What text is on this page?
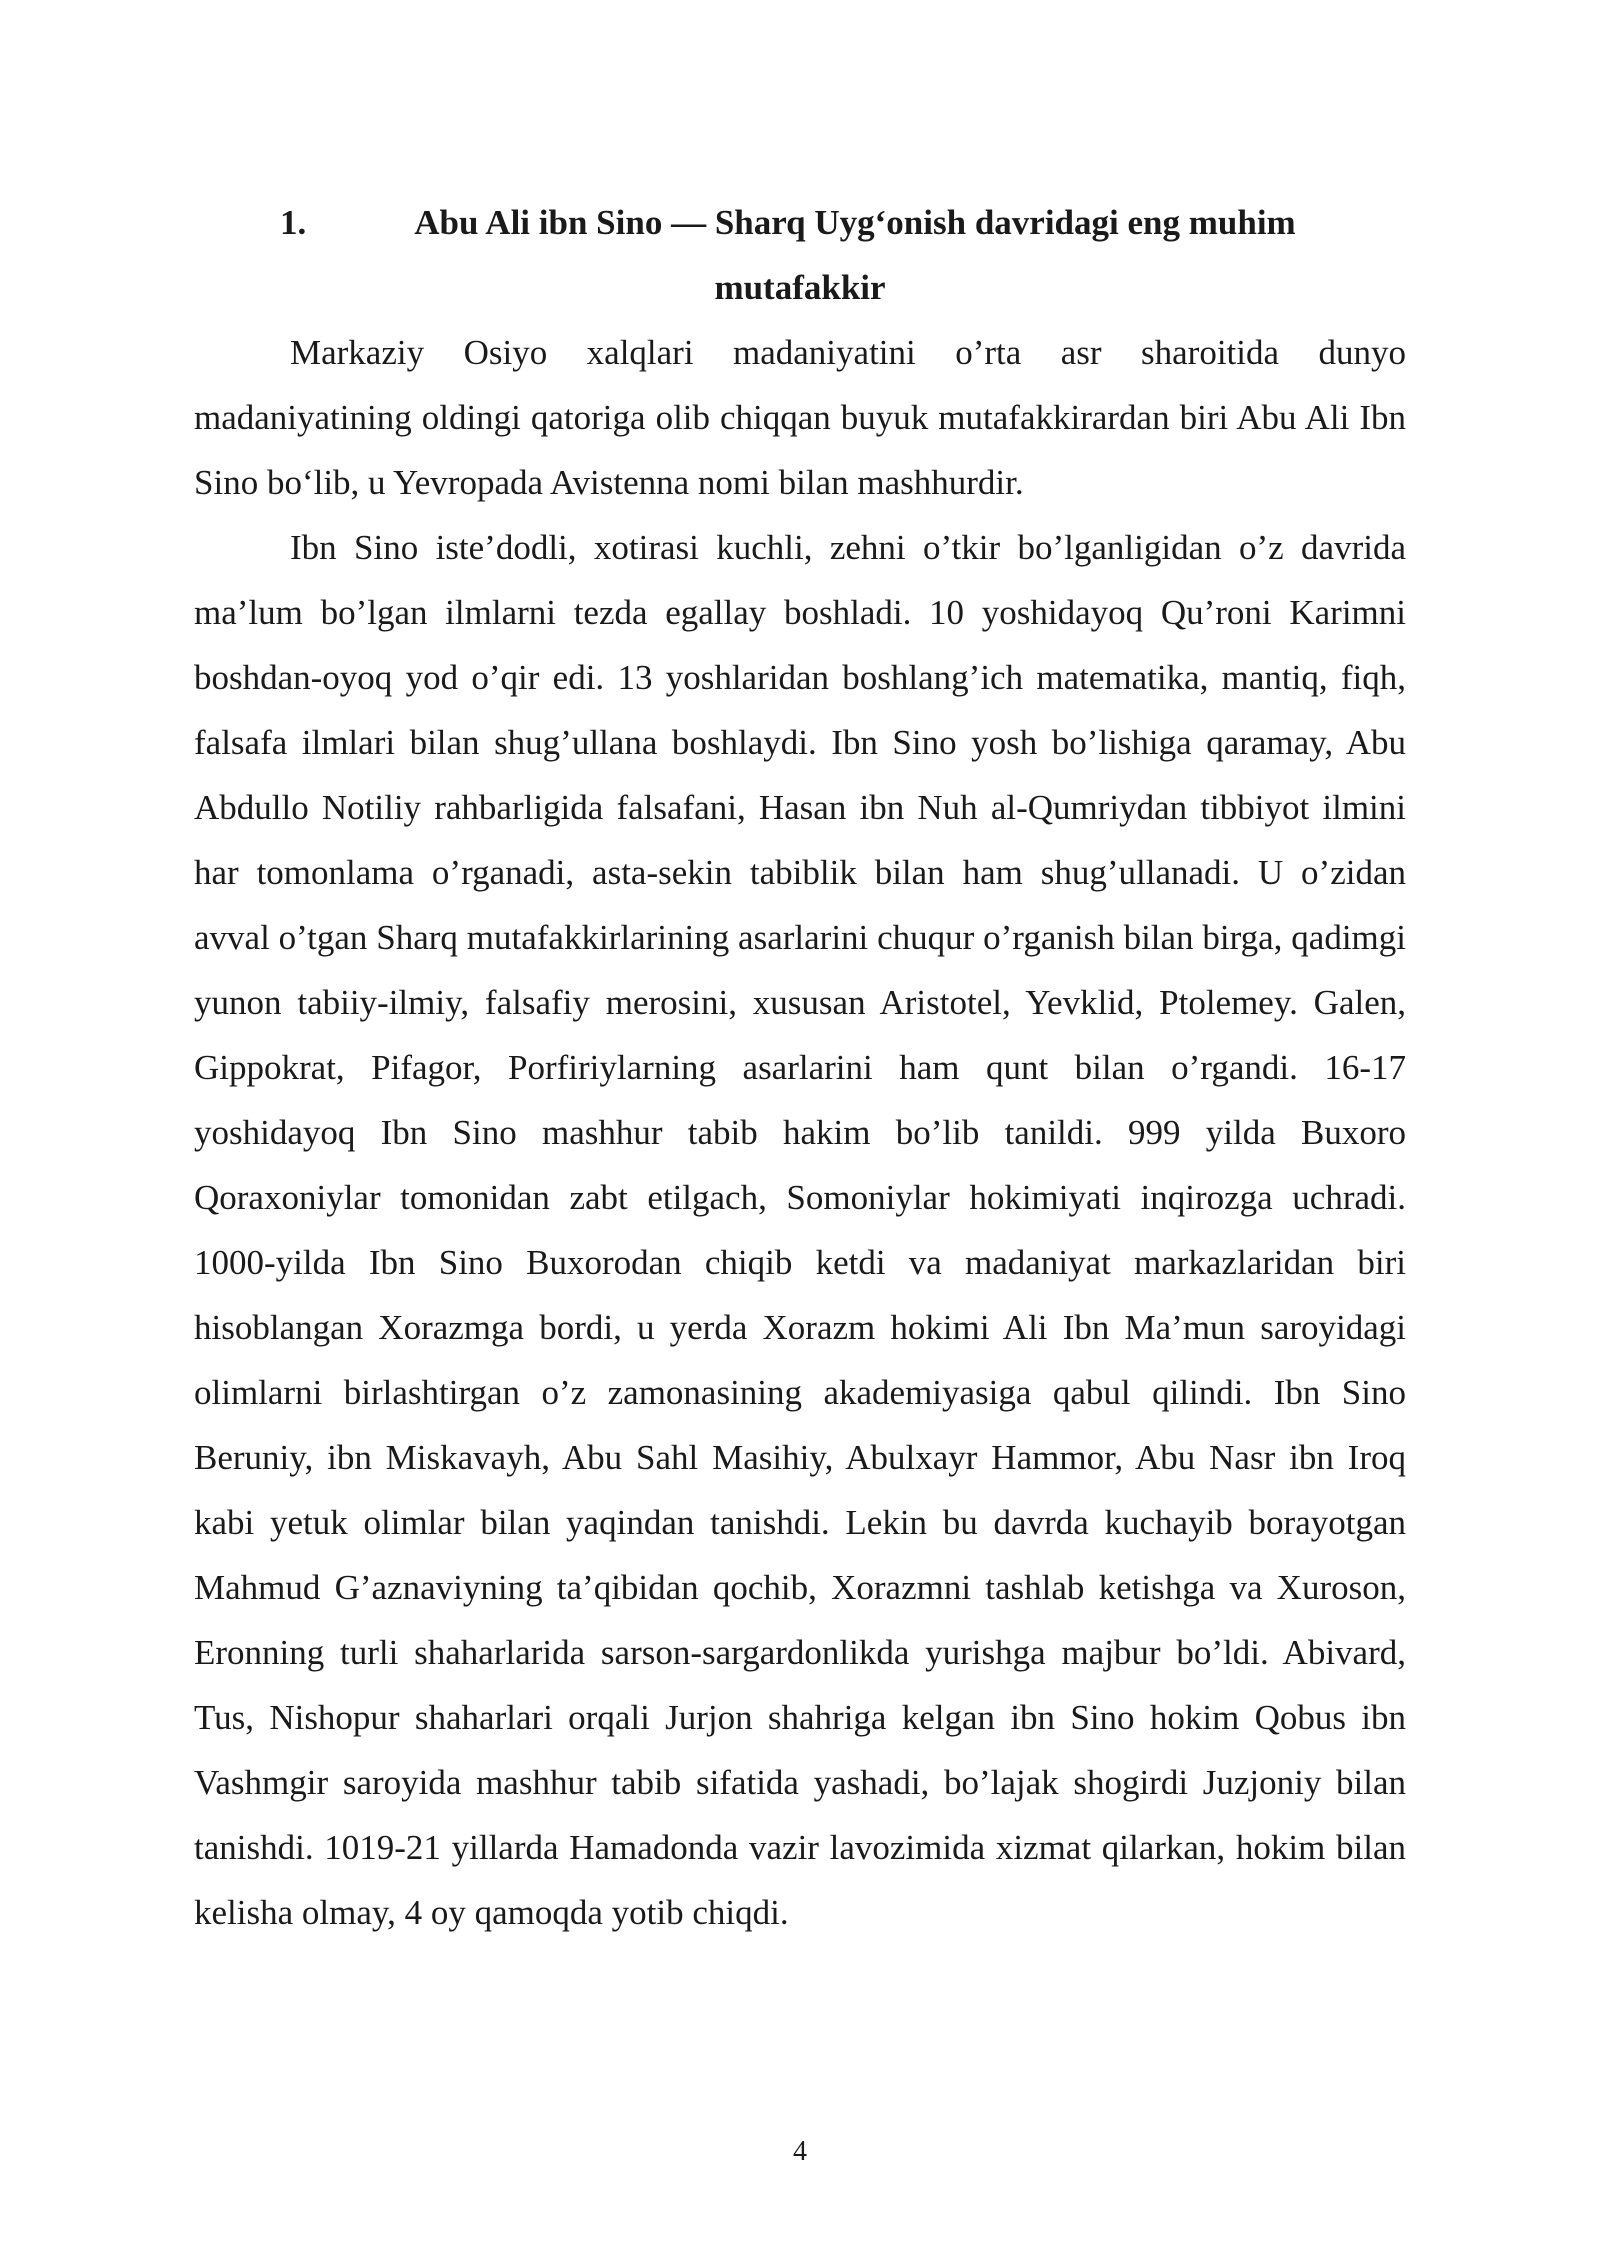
1.	Abu Ali ibn Sino — Sharq Uyg‘onish davridagi eng muhim
mutafakkir

Markaziy Osiyo xalqlari madaniyatini o’rta asr sharoitida dunyo madaniyatining oldingi qatoriga olib chiqqan buyuk mutafakkirardan biri Abu Ali Ibn Sino bo‘lib, u Yevropada Avistenna nomi bilan mashhurdir.

Ibn Sino iste’dodli, xotirasi kuchli, zehni o’tkir bo’lganligidan o’z davrida ma’lum bo’lgan ilmlarni tezda egallay boshladi. 10 yoshidayoq Qu’roni Karimni boshdan-oyoq yod o’qir edi. 13 yoshlaridan boshlang’ich matematika, mantiq, fiqh, falsafa ilmlari bilan shug’ullana boshlaydi. Ibn Sino yosh bo’lishiga qaramay, Abu Abdullo Notiliy rahbarligida falsafani, Hasan ibn Nuh al-Qumriydan tibbiyot ilmini har tomonlama o’rganadi, asta-sekin tabiblik bilan ham shug’ullanadi. U o’zidan avval o’tgan Sharq mutafakkirlarining asarlarini chuqur o’rganish bilan birga, qadimgi yunon tabiiy-ilmiy, falsafiy merosini, xususan Aristotel, Yevklid, Ptolemey. Galen, Gippokrat, Pifagor, Porfiriylarning asarlarini ham qunt bilan o’rgandi. 16-17 yoshidayoq Ibn Sino mashhur tabib hakim bo’lib tanildi. 999 yilda Buxoro Qoraxoniylar tomonidan zabt etilgach, Somoniylar hokimiyati inqirozga uchradi. 1000-yilda Ibn Sino Buxorodan chiqib ketdi va madaniyat markazlaridan biri hisoblangan Xorazmga bordi, u yerda Xorazm hokimi Ali Ibn Ma’mun saroyidagi olimlarni birlashtirgan o’z zamonasining akademiyasiga qabul qilindi. Ibn Sino Beruniy, ibn Miskavayh, Abu Sahl Masihiy, Abulxayr Hammor, Abu Nasr ibn Iroq kabi yetuk olimlar bilan yaqindan tanishdi. Lekin bu davrda kuchayib borayotgan Mahmud G’aznaviyning ta’qibidan qochib, Xorazmni tashlab ketishga va Xuroson, Eronning turli shaharlarida sarson-sargardonlikda yurishga majbur bo’ldi. Abivard, Tus, Nishopur shaharlari orqali Jurjon shahriga kelgan ibn Sino hokim Qobus ibn Vashmgir saroyida mashhur tabib sifatida yashadi, bo’lajak shogirdi Juzjoniy bilan tanishdi. 1019-21 yillarda Hamadonda vazir lavozimida xizmat qilarkan, hokim bilan kelisha olmay, 4 oy qamoqda yotib chiqdi.

4
